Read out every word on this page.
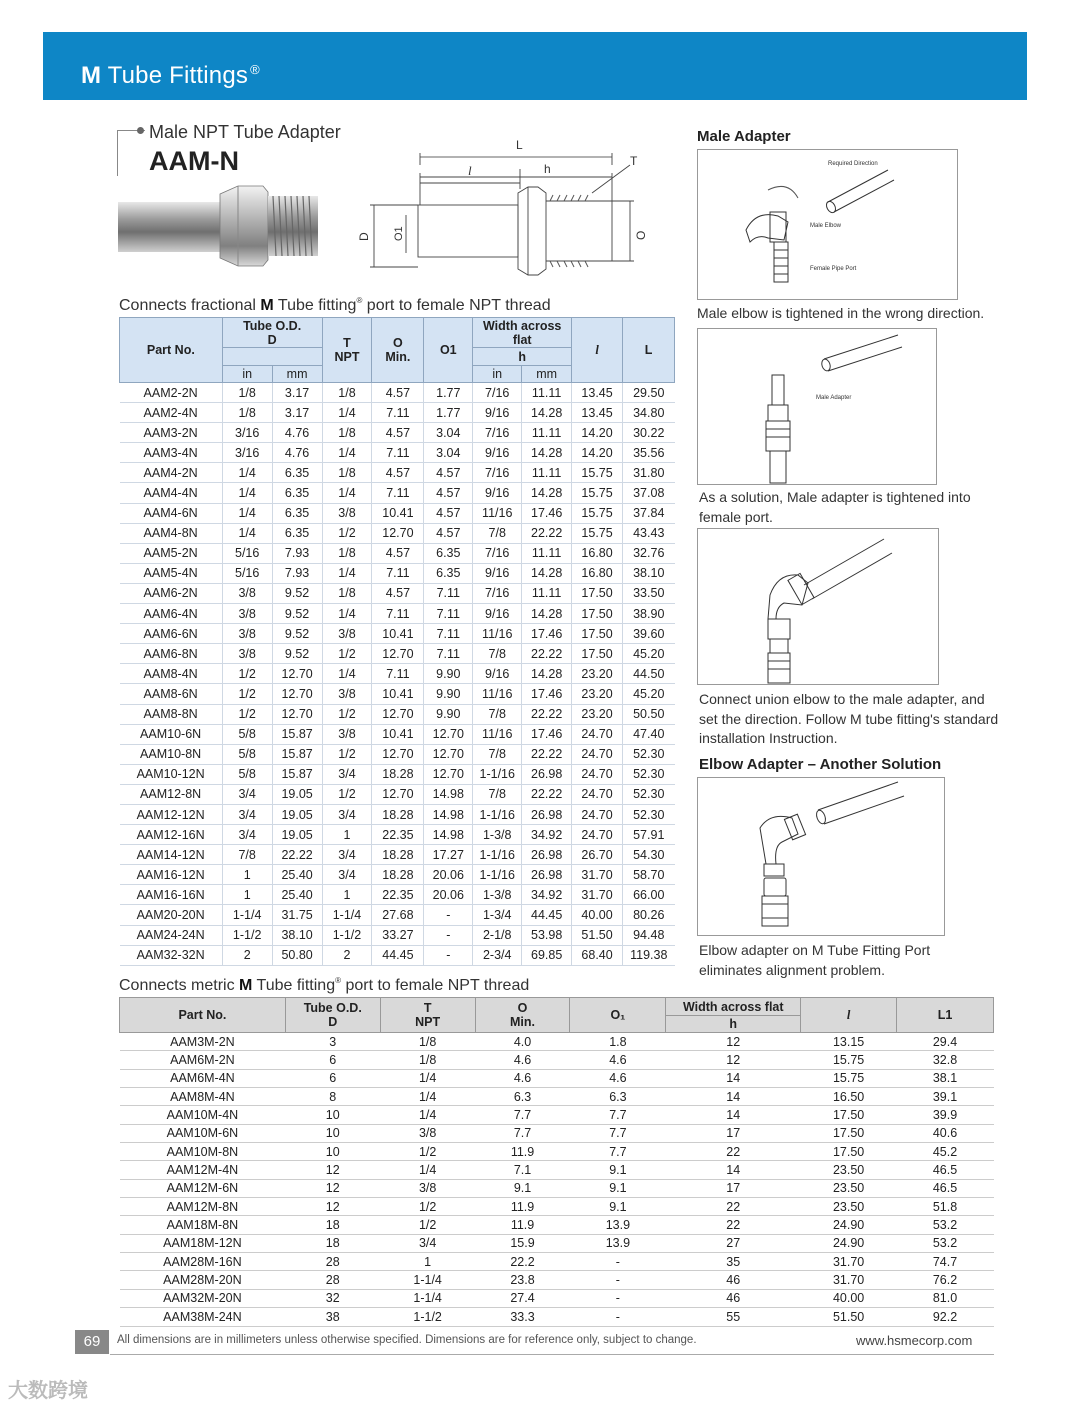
M Tube Fittings ®
Male NPT Tube Adapter
AAM-N
L
l	h
T
D O1	O
Connects fractional M Tube fitting® port to female NPT thread
Part No.	Tube O.D.
D		T
NPT	O
Min.	O1	Width across flat		l	L
						h			
	in	mm				in	mm		
AAM2-2N	1/8	3.17	1/8	4.57	1.77	7/16	11.11	13.45	29.50
AAM2-4N	1/8	3.17	1/4	7.11	1.77	9/16	14.28	13.45	34.80
AAM3-2N	3/16	4.76	1/8	4.57	3.04	7/16	11.11	14.20	30.22
AAM3-4N	3/16	4.76	1/4	7.11	3.04	9/16	14.28	14.20	35.56
AAM4-2N	1/4	6.35	1/8	4.57	4.57	7/16	11.11	15.75	31.80
AAM4-4N	1/4	6.35	1/4	7.11	4.57	9/16	14.28	15.75	37.08
AAM4-6N	1/4	6.35	3/8	10.41	4.57	11/16	17.46	15.75	37.84
AAM4-8N	1/4	6.35	1/2	12.70	4.57	7/8	22.22	15.75	43.43
AAM5-2N	5/16	7.93	1/8	4.57	6.35	7/16	11.11	16.80	32.76
AAM5-4N	5/16	7.93	1/4	7.11	6.35	9/16	14.28	16.80	38.10
AAM6-2N	3/8	9.52	1/8	4.57	7.11	7/16	11.11	17.50	33.50
AAM6-4N	3/8	9.52	1/4	7.11	7.11	9/16	14.28	17.50	38.90
AAM6-6N	3/8	9.52	3/8	10.41	7.11	11/16	17.46	17.50	39.60
AAM6-8N	3/8	9.52	1/2	12.70	7.11	7/8	22.22	17.50	45.20
AAM8-4N	1/2	12.70	1/4	7.11	9.90	9/16	14.28	23.20	44.50
AAM8-6N	1/2	12.70	3/8	10.41	9.90	11/16	17.46	23.20	45.20
AAM8-8N	1/2	12.70	1/2	12.70	9.90	7/8	22.22	23.20	50.50
AAM10-6N	5/8	15.87	3/8	10.41	12.70	11/16	17.46	24.70	47.40
AAM10-8N	5/8	15.87	1/2	12.70	12.70	7/8	22.22	24.70	52.30
AAM10-12N	5/8	15.87	3/4	18.28	12.70	1-1/16	26.98	24.70	52.30
AAM12-8N	3/4	19.05	1/2	12.70	14.98	7/8	22.22	24.70	52.30
AAM12-12N	3/4	19.05	3/4	18.28	14.98	1-1/16	26.98	24.70	52.30
AAM12-16N	3/4	19.05	1	22.35	14.98	1-3/8	34.92	24.70	57.91
AAM14-12N	7/8	22.22	3/4	18.28	17.27	1-1/16	26.98	26.70	54.30
AAM16-12N	1	25.40	3/4	18.28	20.06	1-1/16	26.98	31.70	58.70
AAM16-16N	1	25.40	1	22.35	20.06	1-3/8	34.92	31.70	66.00
AAM20-20N	1-1/4	31.75	1-1/4	27.68	-	1-3/4	44.45	40.00	80.26
AAM24-24N	1-1/2	38.10	1-1/2	33.27	-	2-1/8	53.98	51.50	94.48
AAM32-32N	2	50.80	2	44.45	-	2-3/4	69.85	68.40	119.38
Connects metric M Tube fitting® port to female NPT thread
Part No.	Tube O.D.
D	T
NPT	O
Min.	O₁	Width across flat	l	L1
					h		
AAM3M-2N	3	1/8	4.0	1.8	12	13.15	29.4
AAM6M-2N	6	1/8	4.6	4.6	12	15.75	32.8
AAM6M-4N	6	1/4	4.6	4.6	14	15.75	38.1
AAM8M-4N	8	1/4	6.3	6.3	14	16.50	39.1
AAM10M-4N	10	1/4	7.7	7.7	14	17.50	39.9
AAM10M-6N	10	3/8	7.7	7.7	17	17.50	40.6
AAM10M-8N	10	1/2	11.9	7.7	22	17.50	45.2
AAM12M-4N	12	1/4	7.1	9.1	14	23.50	46.5
AAM12M-6N	12	3/8	9.1	9.1	17	23.50	46.5
AAM12M-8N	12	1/2	11.9	9.1	22	23.50	51.8
AAM18M-8N	18	1/2	11.9	13.9	22	24.90	53.2
AAM18M-12N	18	3/4	15.9	13.9	27	24.90	53.2
AAM28M-16N	28	1	22.2	-	35	31.70	74.7
AAM28M-20N	28	1-1/4	23.8	-	46	31.70	76.2
AAM32M-20N	32	1-1/4	27.4	-	46	40.00	81.0
AAM38M-24N	38	1-1/2	33.3	-	55	51.50	92.2
Male Adapter
Required Direction
Male Elbow
Female Pipe Port
Male elbow is tightened in the wrong direction.
Male Adapter
As a solution, Male adapter is tightened into female port.
Connect union elbow to the male adapter, and set the direction. Follow M tube fitting's standard installation Instruction.
Elbow Adapter – Another Solution
Elbow adapter on M Tube Fitting Port eliminates alignment problem.
69	All dimensions are in millimeters unless otherwise specified. Dimensions are for reference only, subject to change.	www.hsmecorp.com
大数跨境
